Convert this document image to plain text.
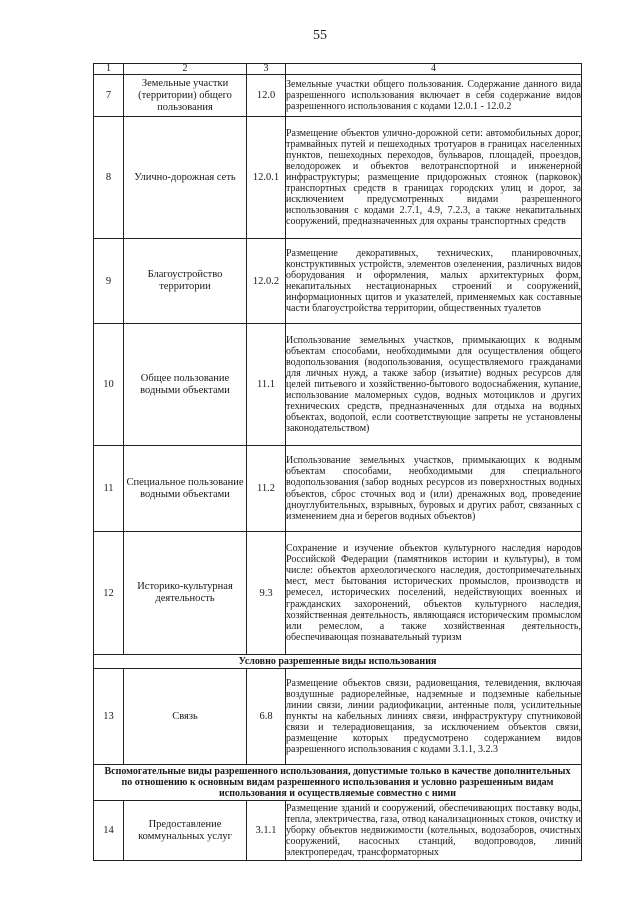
55
1	2	3	4
7	Земельные участки (территории) общего пользования	12.0	Земельные участки общего пользования. Содержание данного вида разрешенного использования включает в себя содержание видов разрешенного использования с кодами 12.0.1 - 12.0.2
8	Улично-дорожная сеть	12.0.1	Размещение объектов улично-дорожной сети: автомобильных дорог, трамвайных путей и пешеходных тротуаров в границах населенных пунктов, пешеходных переходов, бульваров, площадей, проездов, велодорожек и объектов велотранспортной и инженерной инфраструктуры; размещение придорожных стоянок (парковок) транспортных средств в границах городских улиц и дорог, за исключением предусмотренных видами разрешенного использования с кодами 2.7.1, 4.9, 7.2.3, а также некапитальных сооружений, предназначенных для охраны транспортных средств
9	Благоустройство территории	12.0.2	Размещение декоративных, технических, планировочных, конструктивных устройств, элементов озеленения, различных видов оборудования и оформления, малых архитектурных форм, некапитальных нестационарных строений и сооружений, информационных щитов и указателей, применяемых как составные части благоустройства территории, общественных туалетов
10	Общее пользование водными объектами	11.1	Использование земельных участков, примыкающих к водным объектам способами, необходимыми для осуществления общего водопользования (водопользования, осуществляемого гражданами для личных нужд, а также забор (изъятие) водных ресурсов для целей питьевого и хозяйственно-бытового водоснабжения, купание, использование маломерных судов, водных мотоциклов и других технических средств, предназначенных для отдыха на водных объектах, водопой, если соответствующие запреты не установлены законодательством)
11	Специальное пользование водными объектами	11.2	Использование земельных участков, примыкающих к водным объектам способами, необходимыми для специального водопользования (забор водных ресурсов из поверхностных водных объектов, сброс сточных вод и (или) дренажных вод, проведение дноуглубительных, взрывных, буровых и других работ, связанных с изменением дна и берегов водных объектов)
12	Историко-культурная деятельность	9.3	Сохранение и изучение объектов культурного наследия народов Российской Федерации (памятников истории и культуры), в том числе: объектов археологического наследия, достопримечательных мест, мест бытования исторических промыслов, производств и ремесел, исторических поселений, недействующих военных и гражданских захоронений, объектов культурного наследия, хозяйственная деятельность, являющаяся историческим промыслом или ремеслом, а также хозяйственная деятельность, обеспечивающая познавательный туризм
Условно разрешенные виды использования			
13	Связь	6.8	Размещение объектов связи, радиовещания, телевидения, включая воздушные радиорелейные, надземные и подземные кабельные линии связи, линии радиофикации, антенные поля, усилительные пункты на кабельных линиях связи, инфраструктуру спутниковой связи и телерадиовещания, за исключением объектов связи, размещение которых предусмотрено содержанием видов разрешенного использования с кодами 3.1.1, 3.2.3
Вспомогательные виды разрешенного использования, допустимые только в качестве дополнительных по отношению к основным видам разрешенного использования и условно разрешенным видам использования и осуществляемые совместно с ними			
14	Предоставление коммунальных услуг	3.1.1	Размещение зданий и сооружений, обеспечивающих поставку воды, тепла, электричества, газа, отвод канализационных стоков, очистку и уборку объектов недвижимости (котельных, водозаборов, очистных сооружений, насосных станций, водопроводов, линий электропередач, трансформаторных
